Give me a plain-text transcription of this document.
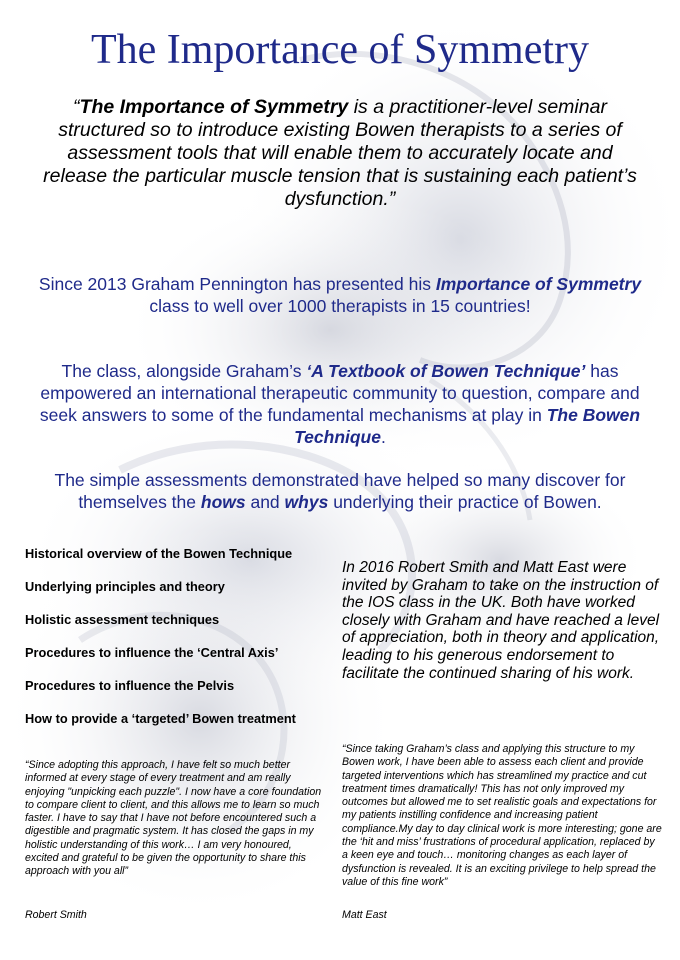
The Importance of Symmetry
“The Importance of Symmetry is a practitioner-level seminar structured so to introduce existing Bowen therapists to a series of assessment tools that will enable them to accurately locate and release the particular muscle tension that is sustaining each patient’s dysfunction.”
Since 2013 Graham Pennington has presented his Importance of Symmetry class to well over 1000 therapists in 15 countries!
The class, alongside Graham’s ‘A Textbook of Bowen Technique’ has empowered an international therapeutic community to question, compare and seek answers to some of the fundamental mechanisms at play in The Bowen Technique.
The simple assessments demonstrated have helped so many discover for themselves the hows and whys underlying their practice of Bowen.
Historical overview of the Bowen Technique
Underlying principles and theory
Holistic assessment techniques
Procedures to influence the ‘Central Axis’
Procedures to influence the Pelvis
How to provide a ‘targeted’ Bowen treatment
In 2016 Robert Smith and Matt East were invited by Graham to take on the instruction of the IOS class in the UK. Both have worked closely with Graham and have reached a level of appreciation, both in theory and application, leading to his generous endorsement to facilitate the continued sharing of his work.
“Since adopting this approach, I have felt so much better informed at every stage of every treatment and am really enjoying "unpicking each puzzle". I now have a core foundation to compare client to client, and this allows me to learn so much faster. I have to say that I have not before encountered such a digestible and pragmatic system. It has closed the gaps in my holistic understanding of this work… I am very honoured, excited and grateful to be given the opportunity to share this approach with you all”
“Since taking Graham’s class and applying this structure to my Bowen work, I have been able to assess each client and provide targeted interventions which has streamlined my practice and cut treatment times dramatically! This has not only improved my outcomes but allowed me to set realistic goals and expectations for my patients instilling confidence and increasing patient compliance.My day to day clinical work is more interesting; gone are the ‘hit and miss’ frustrations of procedural application, replaced by a keen eye and touch… monitoring changes as each layer of dysfunction is revealed. It is an exciting privilege to help spread the value of this fine work”
Robert Smith	Matt East
